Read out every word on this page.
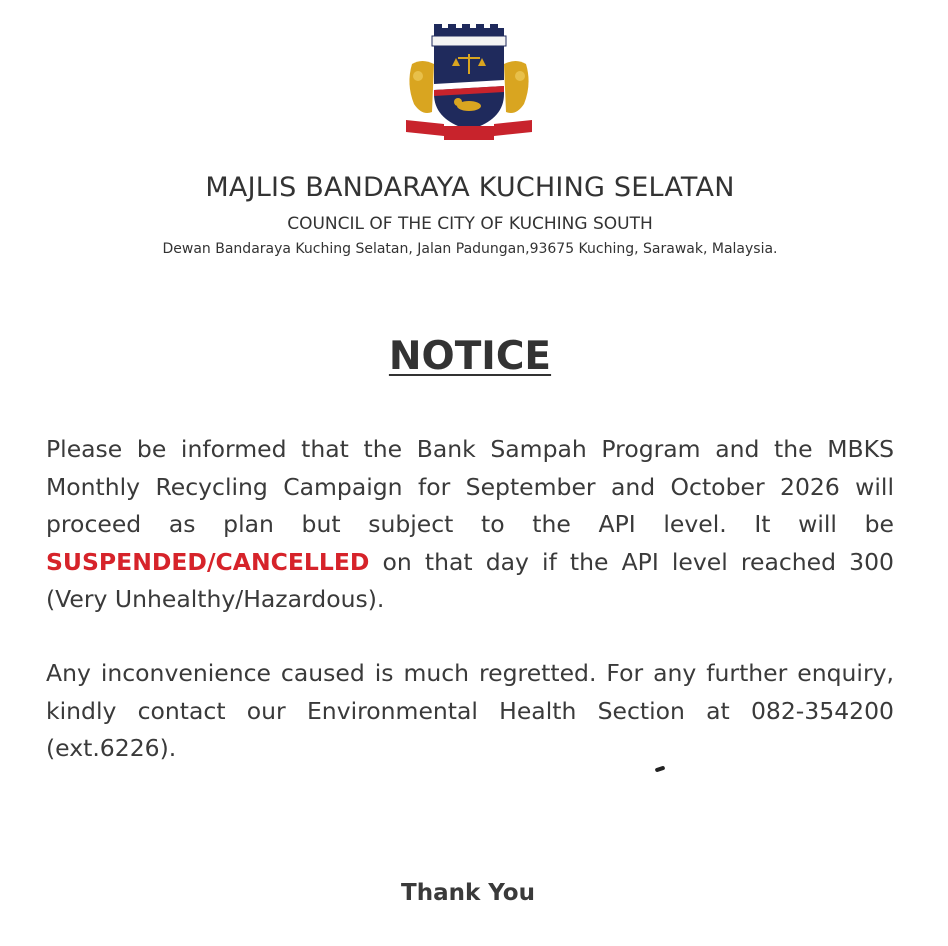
MAJLIS BANDARAYA KUCHING SELATAN
COUNCIL OF THE CITY OF KUCHING SOUTH
Dewan Bandaraya Kuching Selatan, Jalan Padungan,93675 Kuching, Sarawak, Malaysia.
NOTICE

Please be informed that the Bank Sampah Program and the MBKS Monthly Recycling Campaign for September and October 2026 will proceed as plan but subject to the API level. It will be SUSPENDED/CANCELLED on that day if the API level reached 300 (Very Unhealthy/Hazardous).

Any inconvenience caused is much regretted. For any further enquiry, kindly contact our Environmental Health Section at 082-354200 (ext.6226).

Thank You
